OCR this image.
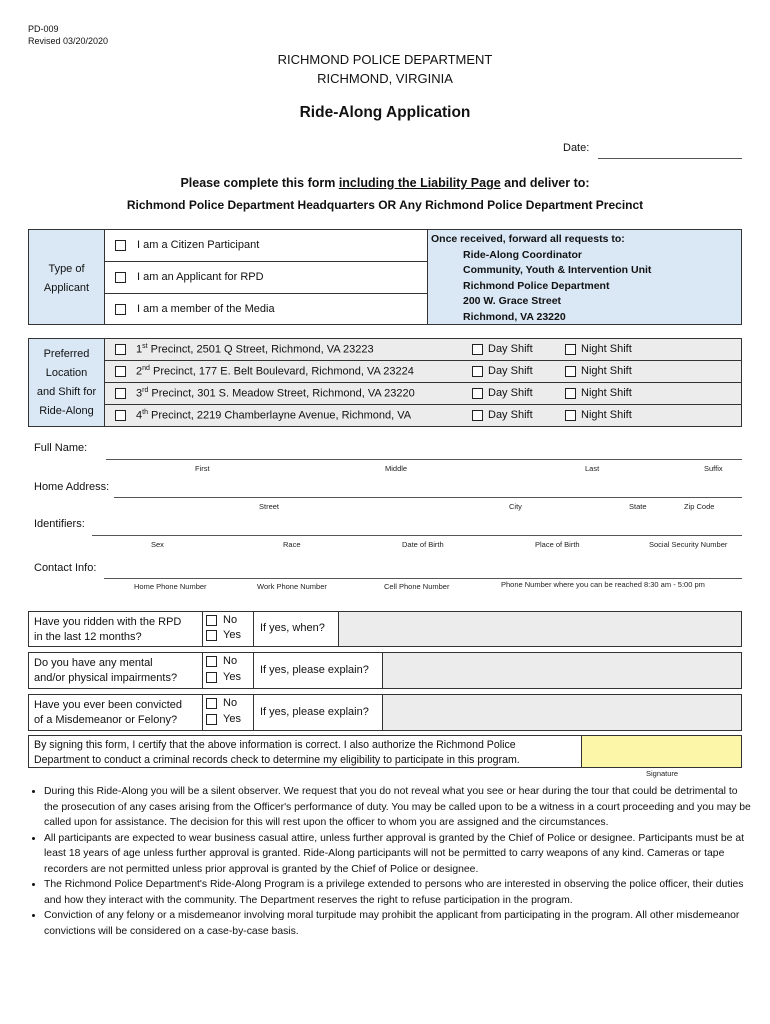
PD-009
Revised 03/20/2020
RICHMOND POLICE DEPARTMENT
RICHMOND, VIRGINIA
Ride-Along Application
Date:
Please complete this form including the Liability Page and deliver to:
Richmond Police Department Headquarters OR Any Richmond Police Department Precinct
Type of
Applicant
I am a Citizen Participant
I am an Applicant for RPD
I am a member of the Media
Once received, forward all requests to:
Ride-Along Coordinator
Community, Youth & Intervention Unit
Richmond Police Department
200 W. Grace Street
Richmond, VA 23220
Preferred
Location
and Shift for
Ride-Along
1st Precinct, 2501 Q Street, Richmond, VA 23223	Day Shift	Night Shift
2nd Precinct, 177 E. Belt Boulevard, Richmond, VA 23224	Day Shift	Night Shift
3rd Precinct, 301 S. Meadow Street, Richmond, VA 23220	Day Shift	Night Shift
4th Precinct, 2219 Chamberlayne Avenue, Richmond, VA	Day Shift	Night Shift
Full Name:
First	Middle	Last	Suffix
Home Address:
Street	City	State	Zip Code
Identifiers:
Sex	Race	Date of Birth	Place of Birth	Social Security Number
Contact Info:
Home Phone Number	Work Phone Number	Cell Phone Number	Phone Number where you can be reached 8:30 am - 5:00 pm
Have you ridden with the RPD
in the last 12 months?
No
Yes
If yes, when?
Do you have any mental
and/or physical impairments?
No
Yes
If yes, please explain?
Have you ever been convicted
of a Misdemeanor or Felony?
No
Yes
If yes, please explain?
By signing this form, I certify that the above information is correct. I also authorize the Richmond Police
Department to conduct a criminal records check to determine my eligibility to participate in this program.
Signature
• During this Ride-Along you will be a silent observer. We request that you do not reveal what you see or hear during the tour that could be detrimental to the prosecution of any cases arising from the Officer's performance of duty. You may be called upon to be a witness in a court proceeding and you may be called upon for assistance. The decision for this will rest upon the officer to whom you are assigned and the circumstances.
• All participants are expected to wear business casual attire, unless further approval is granted by the Chief of Police or designee. Participants must be at least 18 years of age unless further approval is granted. Ride-Along participants will not be permitted to carry weapons of any kind. Cameras or tape recorders are not permitted unless prior approval is granted by the Chief of Police or designee.
• The Richmond Police Department's Ride-Along Program is a privilege extended to persons who are interested in observing the police officer, their duties and how they interact with the community. The Department reserves the right to refuse participation in the program.
• Conviction of any felony or a misdemeanor involving moral turpitude may prohibit the applicant from participating in the program. All other misdemeanor convictions will be considered on a case-by-case basis.
